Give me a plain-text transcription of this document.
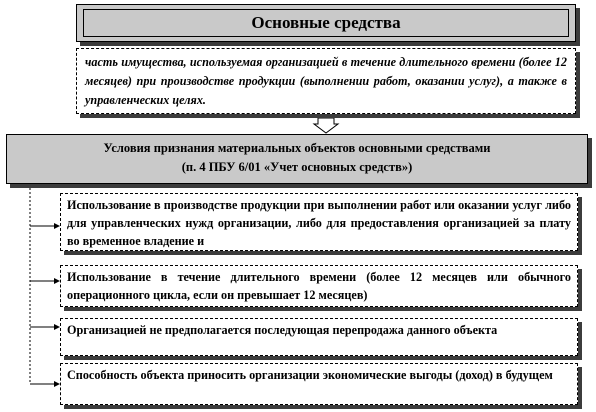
Основные средства
часть имущества, используемая организацией в течение длительного времени (более 12 месяцев) при производстве продукции (выполнении работ, оказании услуг), а также в управленческих целях.
Условия признания материальных объектов основными средствами
(п. 4 ПБУ 6/01 «Учет основных средств»)
Использование в производстве продукции при выполнении работ или оказании услуг либо для управленческих нужд организации, либо для предоставления организацией за плату во временное владение и
Использование в течение длительного времени (более 12 месяцев или обычного операционного цикла, если он превышает 12 месяцев)
Организацией не предполагается последующая перепродажа данного объекта
Способность объекта приносить организации экономические выгоды (доход) в будущем
